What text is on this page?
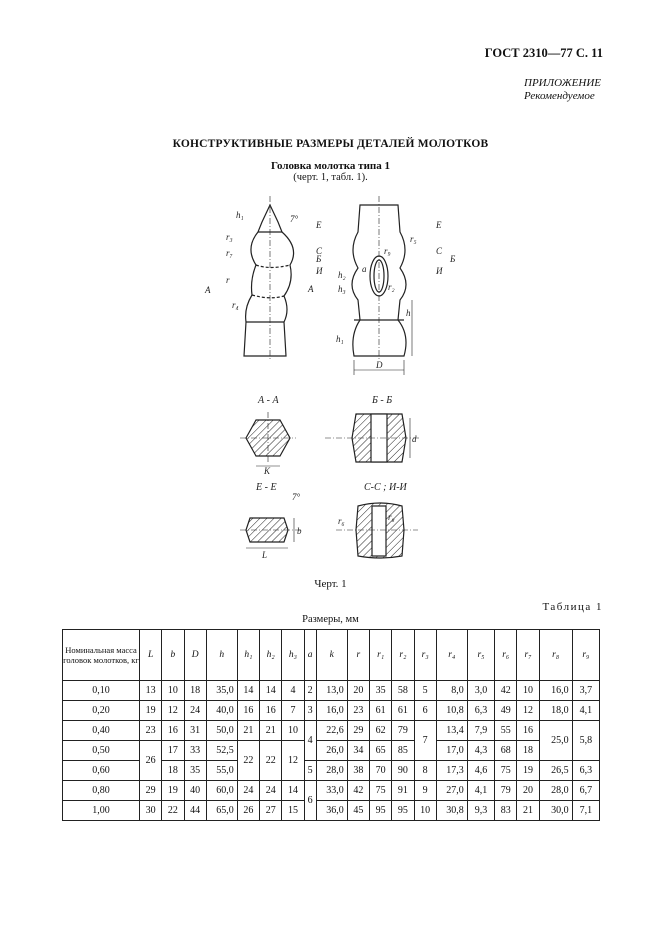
ГОСТ 2310—77 С. 11
ПРИЛОЖЕНИЕ
Рекомендуемое
КОНСТРУКТИВНЫЕ РАЗМЕРЫ ДЕТАЛЕЙ МОЛОТКОВ
Головка молотка типа 1
(черт. 1, табл. 1).
h₁	7°
r₃
r₇
r
A
r₄
A
E
r₅
E
r₉
Б
C
И h₂
h₃
a
r₂
C
Б
И
h
h₁
D
А - А
K
Б - Б
d
Е - Е
7°
b
L
С-С ; И-И
r₆	r₈
Черт. 1
Таблица 1
Размеры, мм
Номинальная масса головок молотков, кг	L	b	D	h	h₁	h₂	h₃	a	k	r	r₁	r₂	r₃	r₄	r₅	r₆	r₇	r₈	r₉
0,10	13	10	18	35,0	14	14	4	2	13,0	20	35	58	5	8,0	3,0	42	10	16,0	3,7
0,20	19	12	24	40,0	16	16	7	3	16,0	23	61	61	6	10,8	6,3	49	12	18,0	4,1
0,40	23	16	31	50,0	21	21	10	4	22,6	29	62	79	7	13,4	7,9	55	16	25,0	5,8
0,50	26	17	33	52,5	22	22	12		26,0	34	65	85		17,0	4,3	68	18		
0,60		18	35	55,0				5	28,0	38	70	90	8	17,3	4,6	75	19	26,5	6,3
0,80	29	19	40	60,0	24	24	14	6	33,0	42	75	91	9	27,0	4,1	79	20	28,0	6,7
1,00	30	22	44	65,0	26	27	15		36,0	45	95	95	10	30,8	9,3	83	21	30,0	7,1
